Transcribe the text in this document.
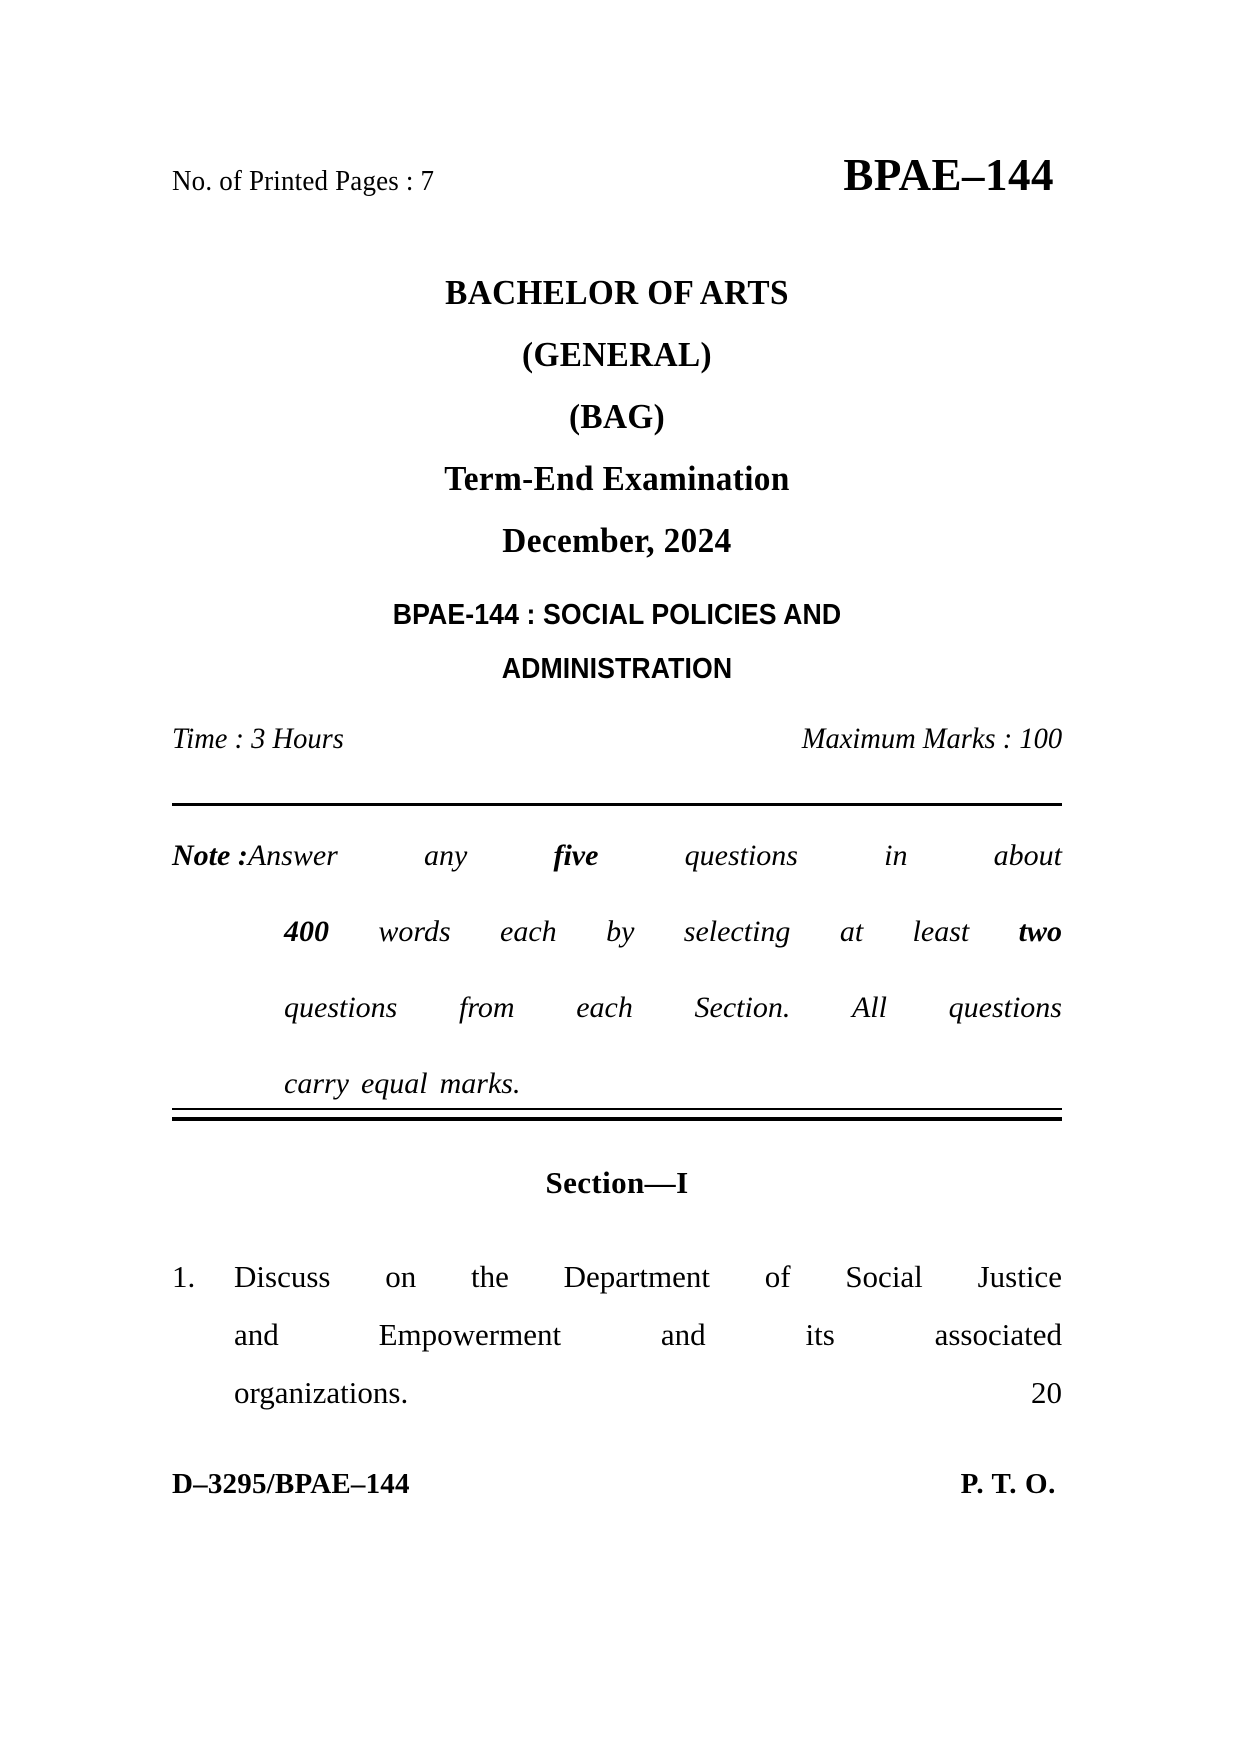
No. of Printed Pages : 7	BPAE–144
BACHELOR OF ARTS
(GENERAL)
(BAG)
Term-End Examination
December, 2024
BPAE-144 : SOCIAL POLICIES AND
ADMINISTRATION
Time : 3 Hours	Maximum Marks : 100
Note : Answer	any	five	questions	in	about
400 words each by selecting at least two
questions from each Section. All questions
carry equal marks.
Section—I
1.	Discuss on the Department of Social Justice
and	Empowerment	and	its	associated
organizations.	20
D–3295/BPAE–144	P. T. O.
